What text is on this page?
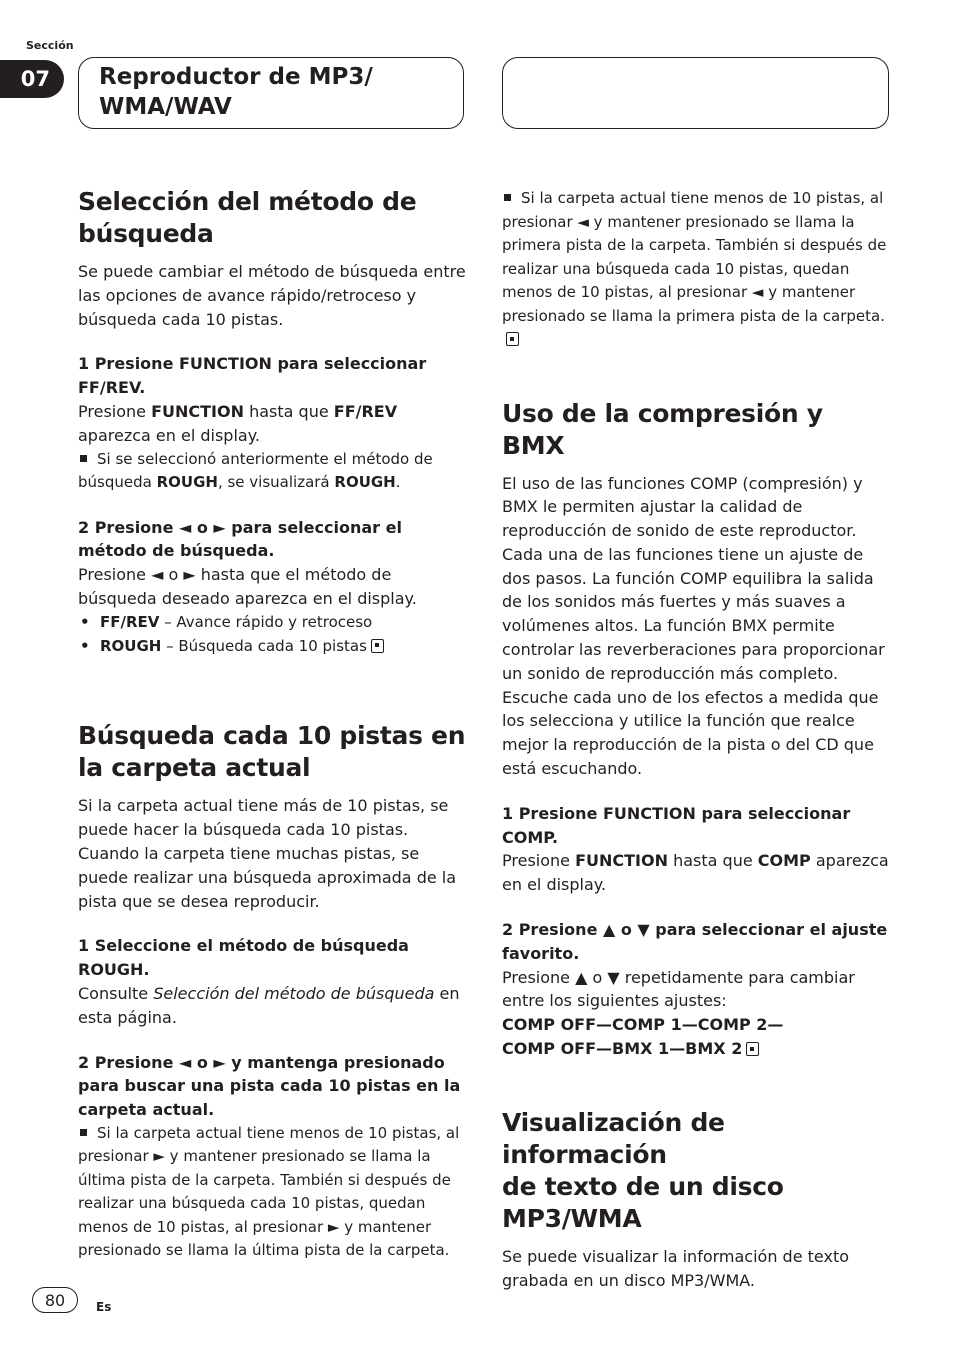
Sección
07	Reproductor de MP3/

WMA/WAV

Selección del método de
búsqueda

Se puede cambiar el método de búsqueda entre las opciones de avance rápido/retroceso y búsqueda cada 10 pistas.

1 Presione FUNCTION para seleccionar FF/REV.

Presione FUNCTION hasta que FF/REV aparezca en el display.

Si se seleccionó anteriormente el método de búsqueda ROUGH, se visualizará ROUGH.

2 Presione ◄ o ► para seleccionar el método de búsqueda.

Presione ◄ o ► hasta que el método de búsqueda deseado aparezca en el display.

• FF/REV – Avance rápido y retroceso
• ROUGH – Búsqueda cada 10 pistas
Búsqueda cada 10 pistas en
la carpeta actual

Si la carpeta actual tiene más de 10 pistas, se puede hacer la búsqueda cada 10 pistas. Cuando la carpeta tiene muchas pistas, se puede realizar una búsqueda aproximada de la pista que se desea reproducir.

1 Seleccione el método de búsqueda ROUGH.

Consulte Selección del método de búsqueda en esta página.

2 Presione ◄ o ► y mantenga presionado para buscar una pista cada 10 pistas en la carpeta actual.

Si la carpeta actual tiene menos de 10 pistas, al presionar ► y mantener presionado se llama la última pista de la carpeta. También si después de realizar una búsqueda cada 10 pistas, quedan menos de 10 pistas, al presionar ► y mantener presionado se llama la última pista de la carpeta.

Si la carpeta actual tiene menos de 10 pistas, al presionar ◄ y mantener presionado se llama la primera pista de la carpeta. También si después de realizar una búsqueda cada 10 pistas, quedan menos de 10 pistas, al presionar ◄ y mantener presionado se llama la primera pista de la carpeta.

Uso de la compresión y BMX

El uso de las funciones COMP (compresión) y BMX le permiten ajustar la calidad de reproducción de sonido de este reproductor. Cada una de las funciones tiene un ajuste de dos pasos. La función COMP equilibra la salida de los sonidos más fuertes y más suaves a volúmenes altos. La función BMX permite controlar las reverberaciones para proporcionar un sonido de reproducción más completo. Escuche cada uno de los efectos a medida que los selecciona y utilice la función que realce mejor la reproducción de la pista o del CD que está escuchando.

1 Presione FUNCTION para seleccionar COMP.

Presione FUNCTION hasta que COMP aparezca en el display.

2 Presione ▲ o ▼ para seleccionar el ajuste favorito.

Presione ▲ o ▼ repetidamente para cambiar entre los siguientes ajustes:

COMP OFF—COMP 1—COMP 2—

COMP OFF—BMX 1—BMX 2

Visualización de información
de texto de un disco MP3/WMA

Se puede visualizar la información de texto grabada en un disco MP3/WMA.

80	Es
